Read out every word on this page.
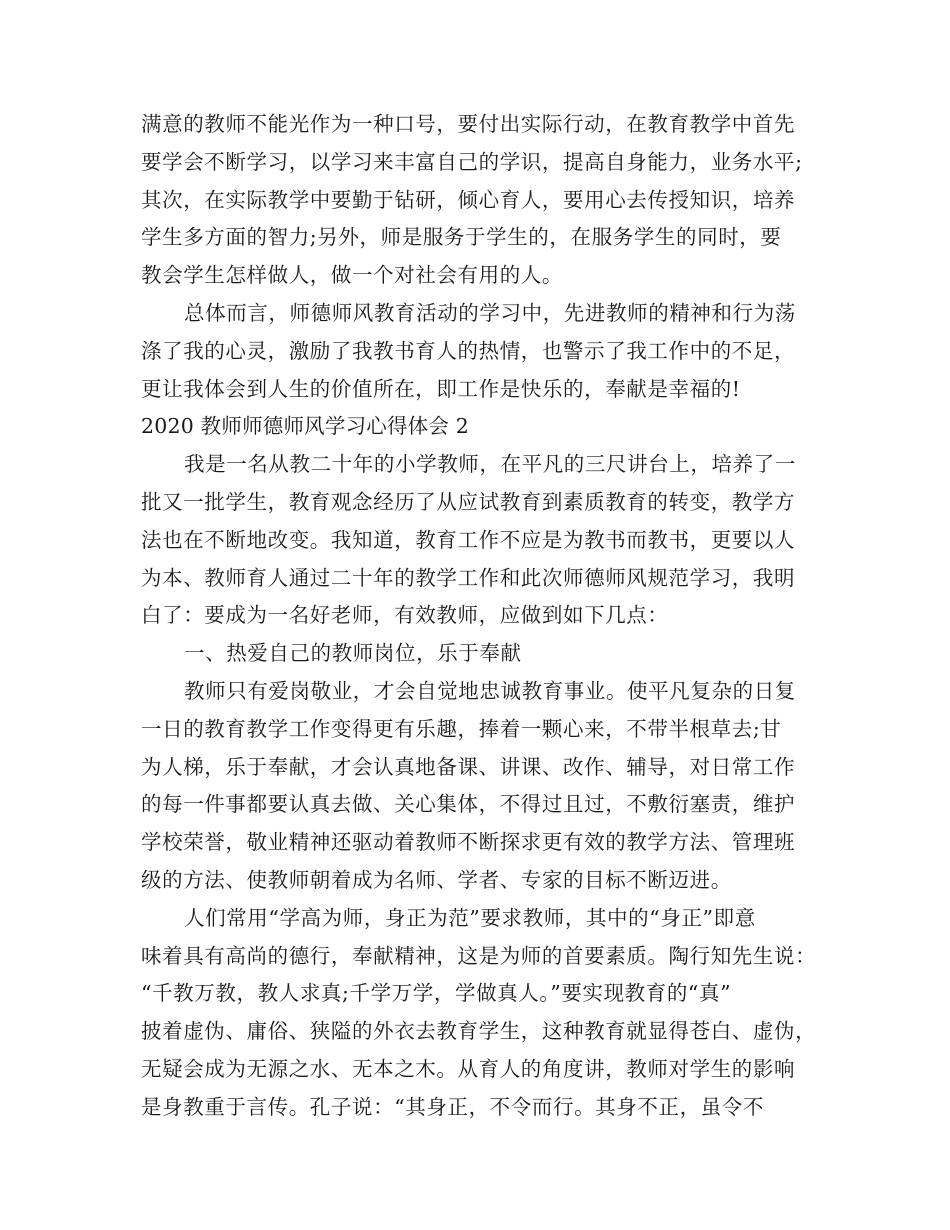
满意的教师不能光作为一种口号，要付出实际行动，在教育教学中首先
要学会不断学习，以学习来丰富自己的学识，提高自身能力，业务水平;
其次，在实际教学中要勤于钻研，倾心育人，要用心去传授知识，培养
学生多方面的智力;另外，师是服务于学生的，在服务学生的同时，要
教会学生怎样做人，做一个对社会有用的人。
总体而言，师德师风教育活动的学习中，先进教师的精神和行为荡
涤了我的心灵，激励了我教书育人的热情，也警示了我工作中的不足，
更让我体会到人生的价值所在，即工作是快乐的，奉献是幸福的!
2020 教师师德师风学习心得体会 2
我是一名从教二十年的小学教师，在平凡的三尺讲台上，培养了一
批又一批学生，教育观念经历了从应试教育到素质教育的转变，教学方
法也在不断地改变。我知道，教育工作不应是为教书而教书，更要以人
为本、教师育人通过二十年的教学工作和此次师德师风规范学习，我明
白了：要成为一名好老师，有效教师，应做到如下几点：
一、热爱自己的教师岗位，乐于奉献
教师只有爱岗敬业，才会自觉地忠诚教育事业。使平凡复杂的日复
一日的教育教学工作变得更有乐趣，捧着一颗心来，不带半根草去;甘
为人梯，乐于奉献，才会认真地备课、讲课、改作、辅导，对日常工作
的每一件事都要认真去做、关心集体，不得过且过，不敷衍塞责，维护
学校荣誉，敬业精神还驱动着教师不断探求更有效的教学方法、管理班
级的方法、使教师朝着成为名师、学者、专家的目标不断迈进。
人们常用“学高为师，身正为范”要求教师，其中的“身正”即意
味着具有高尚的德行，奉献精神，这是为师的首要素质。陶行知先生说：
“千教万教，教人求真;千学万学，学做真人。”要实现教育的“真”
披着虚伪、庸俗、狭隘的外衣去教育学生，这种教育就显得苍白、虚伪，
无疑会成为无源之水、无本之木。从育人的角度讲，教师对学生的影响
是身教重于言传。孔子说：“其身正，不令而行。其身不正，虽令不
